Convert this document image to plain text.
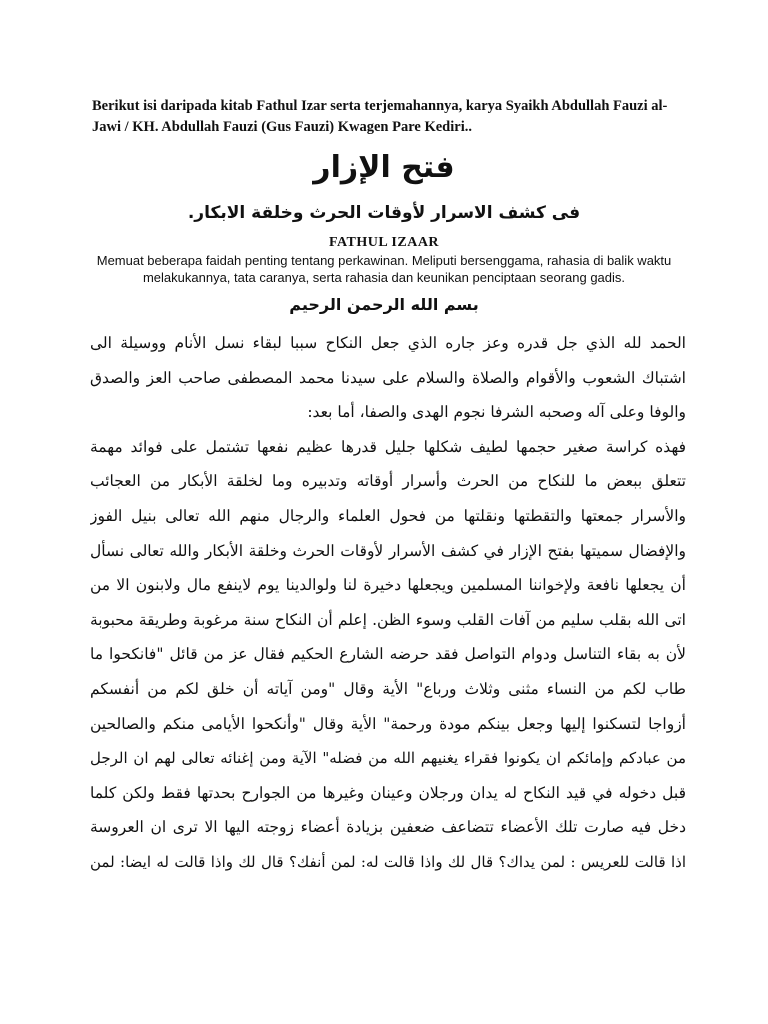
Berikut isi daripada kitab Fathul Izar serta terjemahannya, karya Syaikh Abdullah Fauzi al-Jawi / KH. Abdullah Fauzi (Gus Fauzi) Kwagen Pare Kediri..

فتح الإزار
فى كشف الاسرار لأوقات الحرث وخلقة الابكار.
FATHUL IZAAR

Memuat beberapa faidah penting tentang perkawinan. Meliputi bersenggama, rahasia di balik waktu melakukannya, tata caranya, serta rahasia dan keunikan penciptaan seorang gadis.

بسم الله الرحمن الرحيم
الحمد لله الذي جل قدره وعز جاره الذي جعل النكاح سببا لبقاء نسل الأنام ووسيلة الى
اشتباك الشعوب والأقوام والصلاة والسلام على سيدنا محمد المصطفى صاحب العز والصدق
والوفا وعلى آله وصحبه الشرفا نجوم الهدى والصفا، أما بعد:
فهذه كراسة صغير حجمها لطيف شكلها جليل قدرها عظيم نفعها تشتمل على فوائد مهمة
تتعلق ببعض ما للنكاح من الحرث وأسرار أوقاته وتدبيره وما لخلقة الأبكار من العجائب
والأسرار جمعتها والتقطتها ونقلتها من فحول العلماء والرجال منهم الله تعالى بنيل الفوز
والإفضال سميتها بفتح الإزار في كشف الأسرار لأوقات الحرث وخلقة الأبكار والله تعالى نسأل
أن يجعلها نافعة ولإخواننا المسلمين ويجعلها دخيرة لنا ولوالدينا يوم لاينفع مال ولابنون الا من
اتى الله بقلب سليم من آفات القلب وسوء الظن. إعلم أن النكاح سنة مرغوبة وطريقة محبوبة
لأن به بقاء التناسل ودوام التواصل فقد حرضه الشارع الحكيم فقال عز من قائل "فانكحوا ما
طاب لكم من النساء مثنى وثلاث ورباع" الأية وقال "ومن آياته أن خلق لكم من أنفسكم
أزواجا لتسكنوا إليها وجعل بينكم مودة ورحمة" الأية وقال "وأنكحوا الأيامى منكم والصالحين
من عبادكم وإمائكم ان يكونوا فقراء يغنيهم الله من فضله" الآية ومن إغنائه تعالى لهم ان الرجل
قبل دخوله في قيد النكاح له يدان ورجلان وعينان وغيرها من الجوارح بحدتها فقط ولكن كلما
دخل فيه صارت تلك الأعضاء تتضاعف ضعفين بزيادة أعضاء زوجته اليها الا ترى ان العروسة
اذا قالت للعريس : لمن يداك؟ قال لك واذا قالت له: لمن أنفك؟ قال لك واذا قالت له ايضا: لمن
